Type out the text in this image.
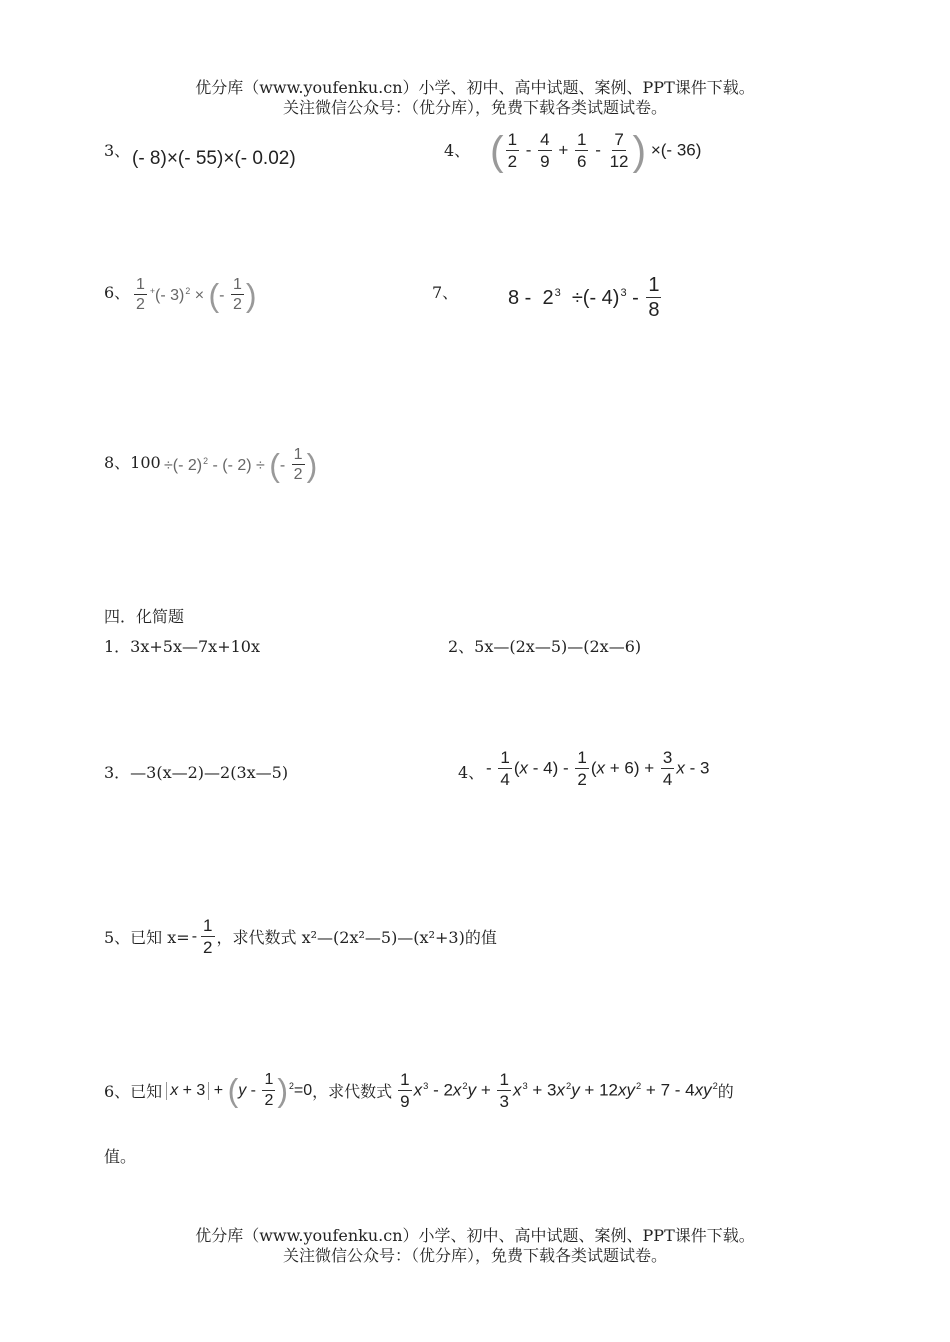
优分库（www.youfenku.cn）小学、初中、高中试题、案例、PPT课件下载。
关注微信公众号：（优分库），免费下载各类试题试卷。
3、 (- 8)×(- 55)×(- 0.02)	4、 ( $\frac{1}{2} - \frac{4}{9} + \frac{1}{6} - \frac{7}{12}$ ) ×(- 36)
6、 $\frac{1}{2} ^+(-$ 3)$^2$ × (- $\frac{1}{2}$ )	7、 $8 - 2^3$  ÷(- $4)^3 - \frac{1}{8}$
8、100 ÷(- 2)$^2$ - (- 2) ÷ (- $\frac{1}{2}$ )
四．化简题
1．3x+5x—7x+10x	2、5x—(2x—5)—(2x—6)
3．—3(x—2)—2(3x—5)	4、 - $\frac{1}{4} (x - 4) - \frac{1}{2} (x + 6) + \frac{3}{4}$ x - 3
5、已知 $x= - \frac{1}{2}$ ，求代数式 x²—(2x²—5)—(x²+3)的值
6、已知 $x + 3 + (y - \frac{1}{2} )^2=0$ ，求代数式 $\frac{1}{9} x^3 - 2x^2y + \frac{1}{3} x^3 + 3x^2y + 12xy^2 + 7 - 4xy^2$ 的
值。
优分库（www.youfenku.cn）小学、初中、高中试题、案例、PPT课件下载。
关注微信公众号：（优分库），免费下载各类试题试卷。
